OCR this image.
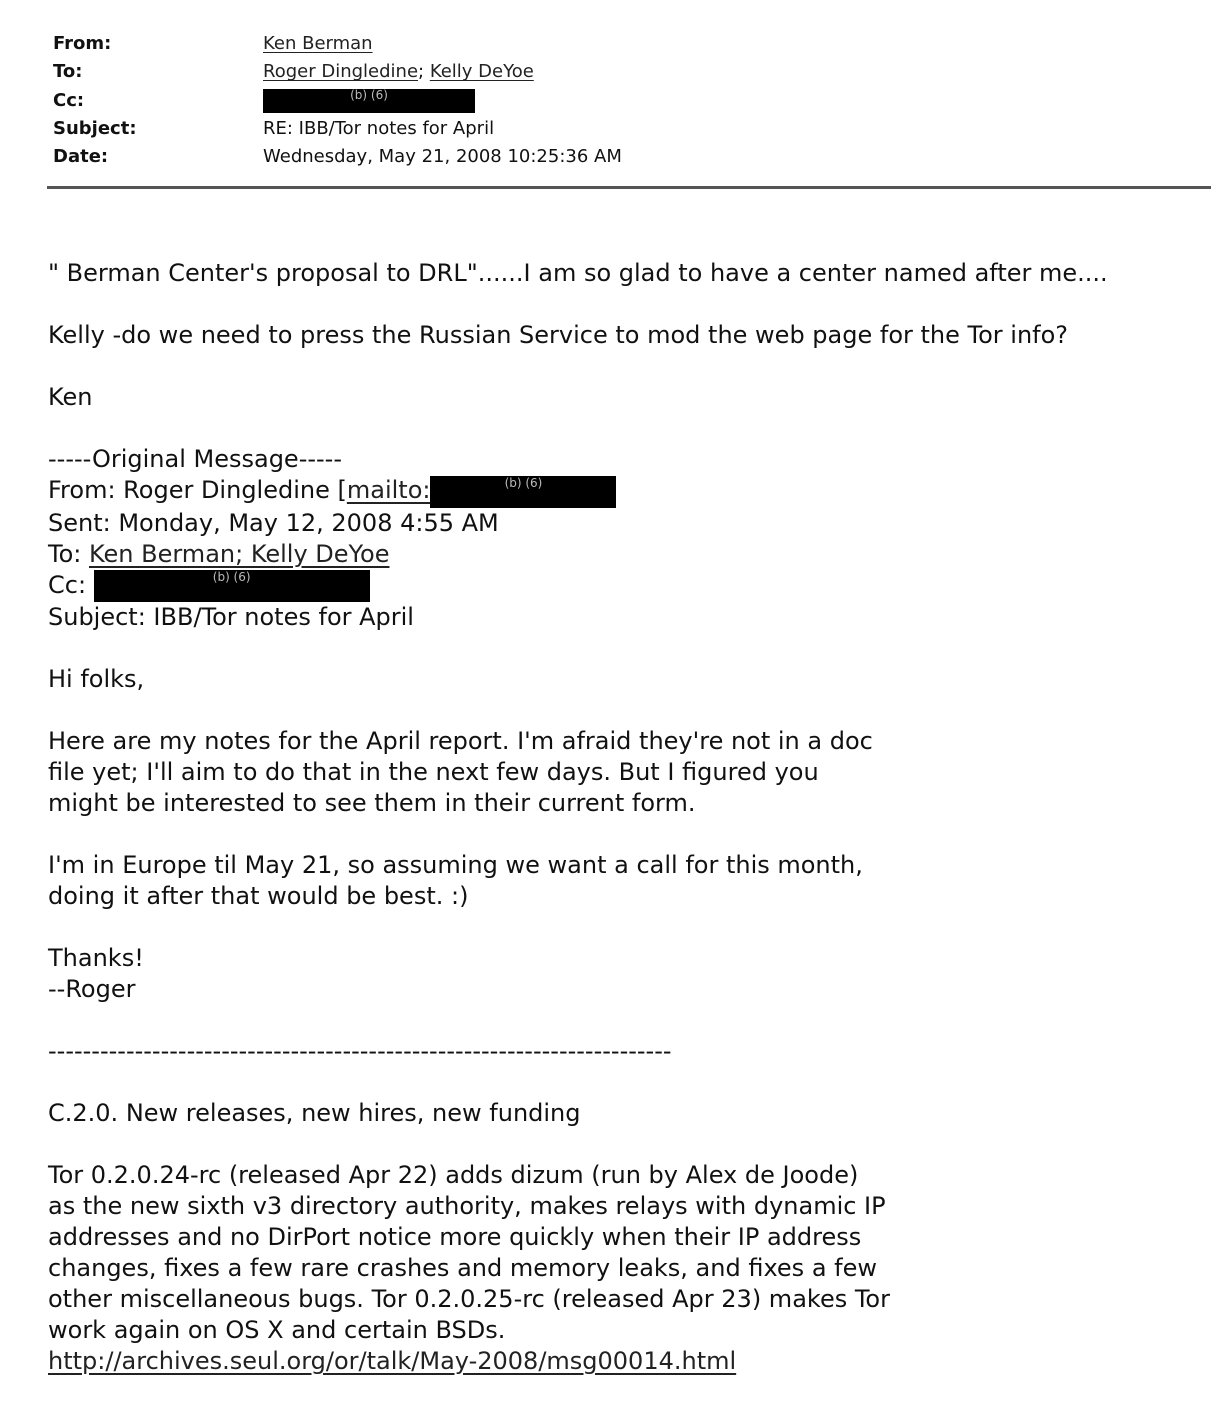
From:	Ken Berman
To:	Roger Dingledine; Kelly DeYoe
Cc:	(b) (6)
Subject:	RE: IBB/Tor notes for April
Date:	Wednesday, May 21, 2008 10:25:36 AM

" Berman Center's proposal to DRL"......I am so glad to have a center named after me....

Kelly -do we need to press the Russian Service to mod the web page for the Tor info?

Ken

-----Original Message-----

From: Roger Dingledine [mailto:	(b) (6)

Sent: Monday, May 12, 2008 4:55 AM

To: Ken Berman; Kelly DeYoe

Cc:	(b) (6)

Subject: IBB/Tor notes for April

Hi folks,

Here are my notes for the April report. I'm afraid they're not in a doc
file yet; I'll aim to do that in the next few days. But I figured you
might be interested to see them in their current form.

I'm in Europe til May 21, so assuming we want a call for this month,
doing it after that would be best. :)

Thanks!

--Roger

------------------------------------------------------------------------

C.2.0. New releases, new hires, new funding

Tor 0.2.0.24-rc (released Apr 22) adds dizum (run by Alex de Joode)
as the new sixth v3 directory authority, makes relays with dynamic IP
addresses and no DirPort notice more quickly when their IP address
changes, fixes a few rare crashes and memory leaks, and fixes a few
other miscellaneous bugs. Tor 0.2.0.25-rc (released Apr 23) makes Tor
work again on OS X and certain BSDs.

http://archives.seul.org/or/talk/May-2008/msg00014.html
